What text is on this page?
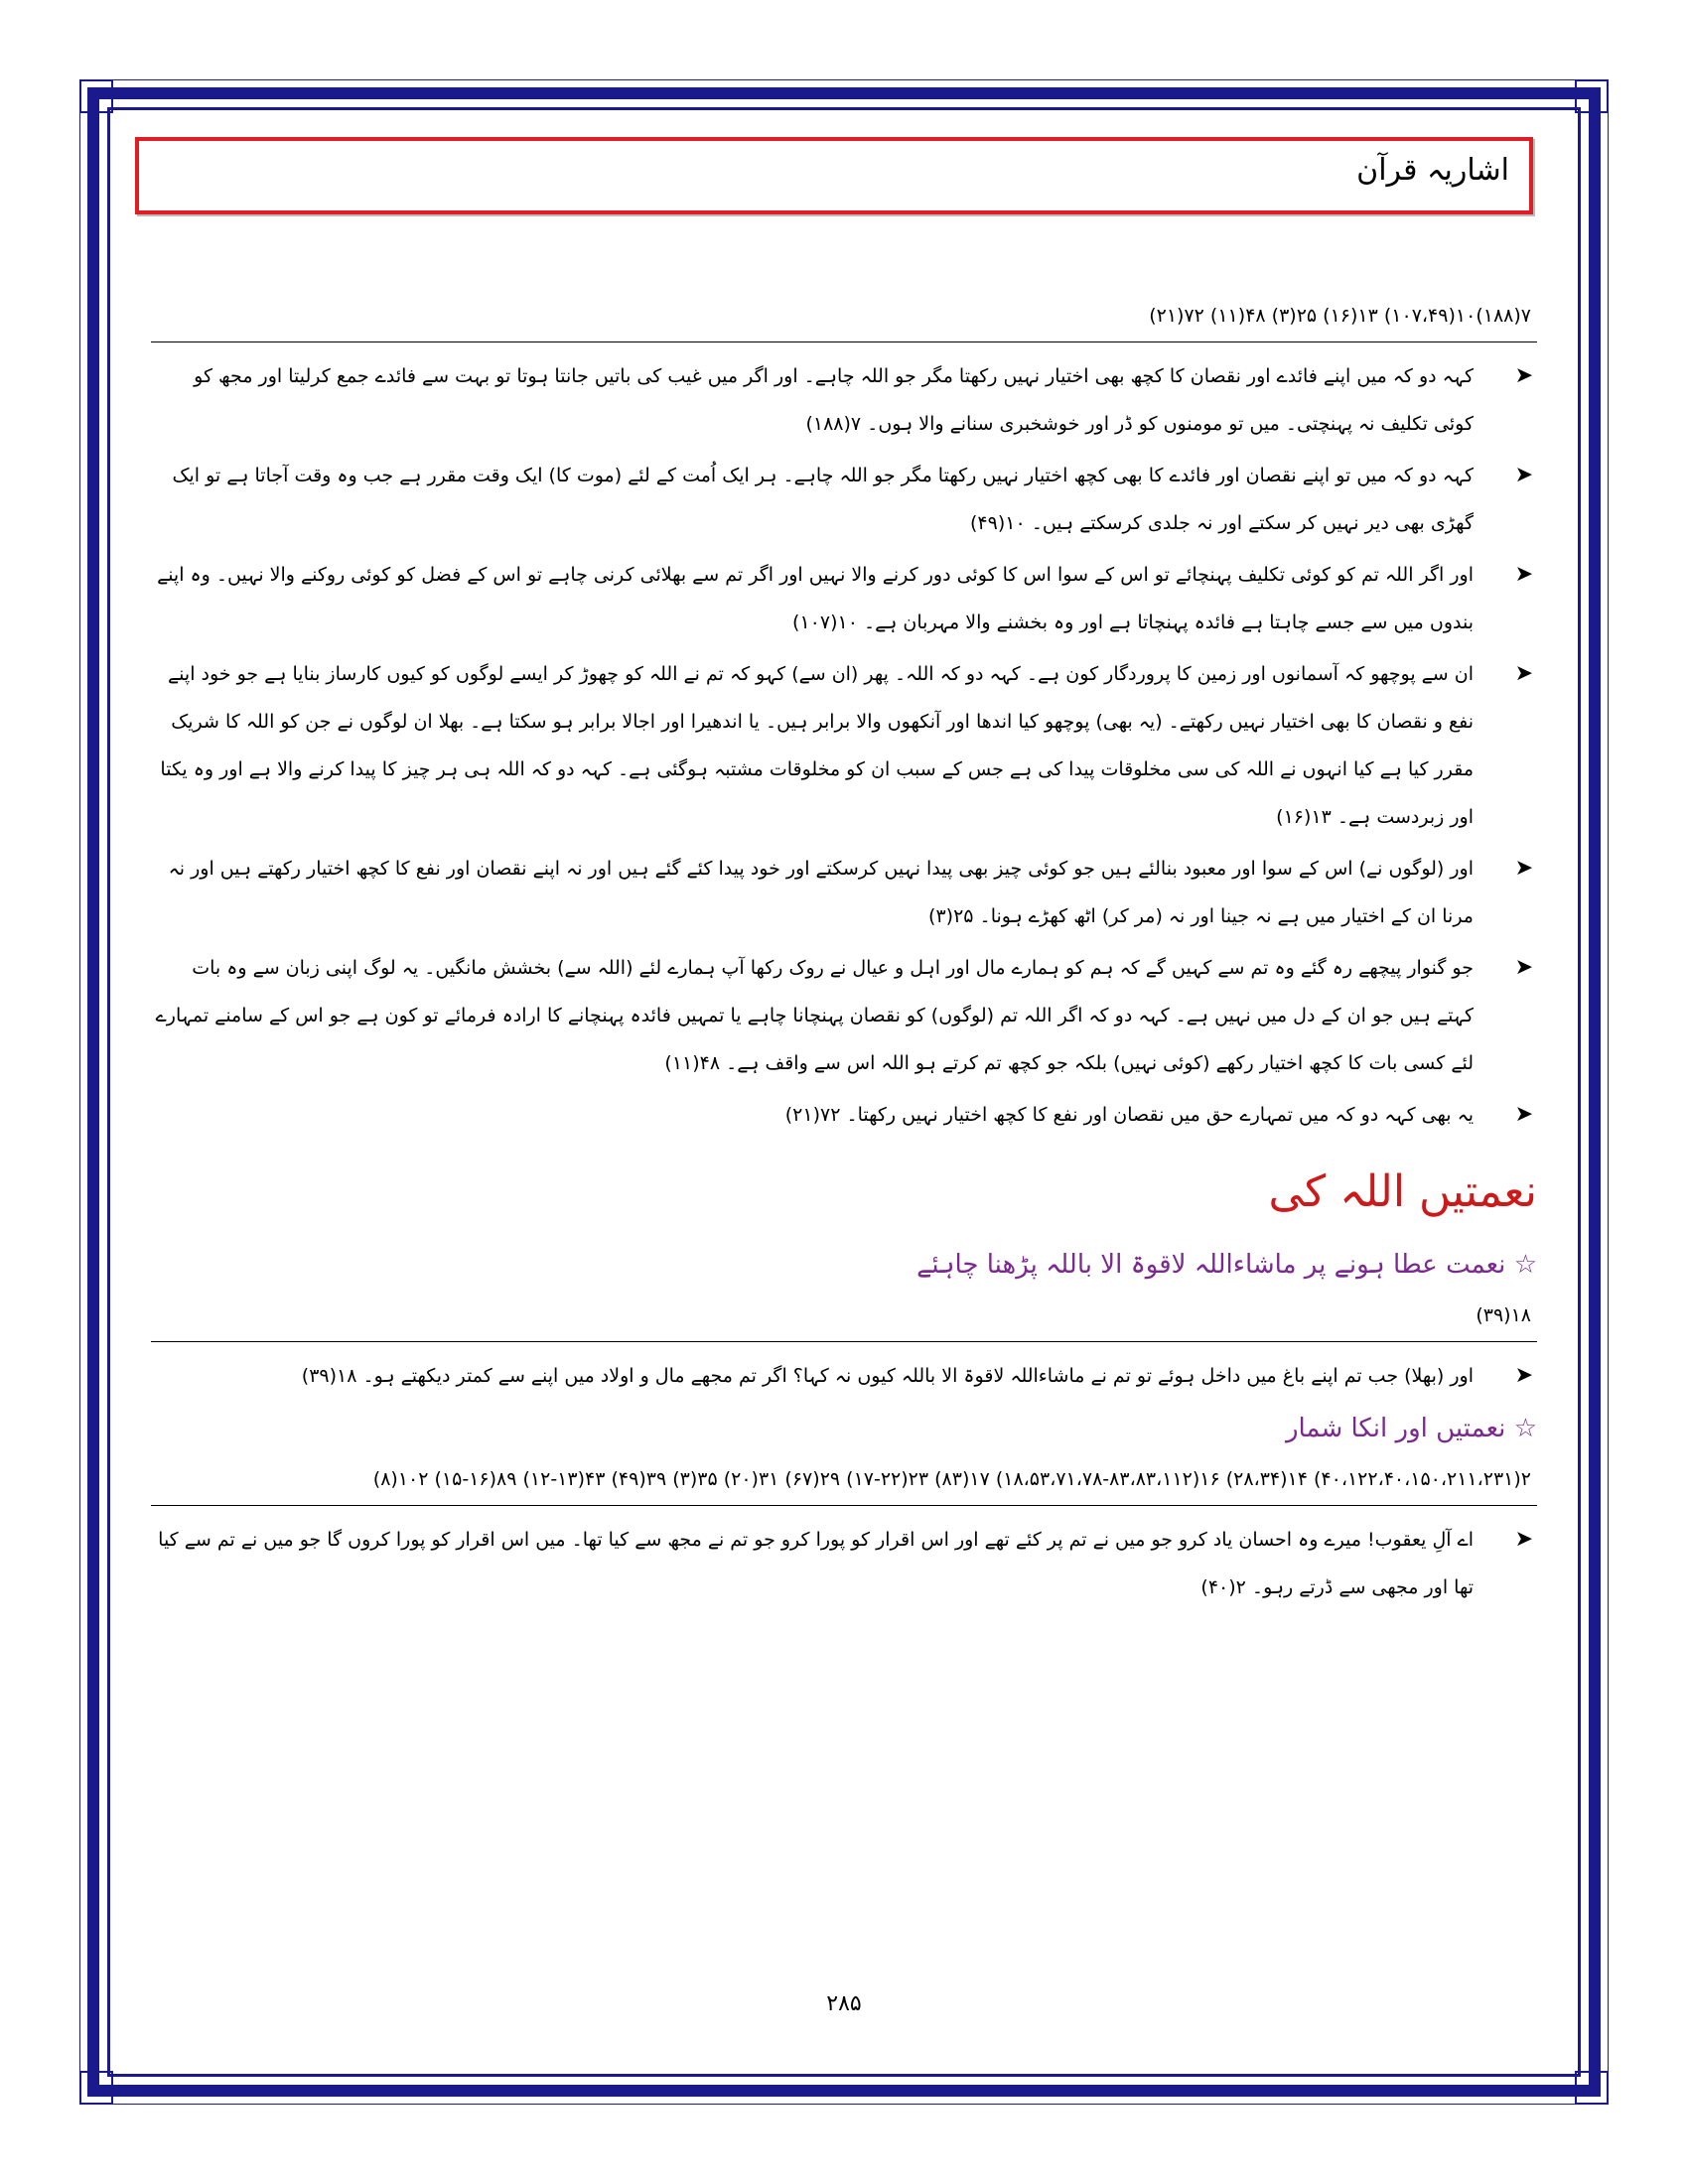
اشاریہ قرآن
۷(۱۸۸)۱۰(۱۰۷،۴۹) ۱۳(۱۶) ۲۵(۳) ۴۸(۱۱) ۷۲(۲۱)
➤
کہہ دو کہ میں اپنے فائدے اور نقصان کا کچھ بھی اختیار نہیں رکھتا مگر جو اللہ چاہے۔ اور اگر میں غیب کی باتیں جانتا ہوتا تو بہت سے فائدے جمع کرلیتا اور مجھ کو کوئی تکلیف نہ پہنچتی۔ میں تو مومنوں کو ڈر اور خوشخبری سنانے والا ہوں۔ ۷(۱۸۸)
➤
کہہ دو کہ میں تو اپنے نقصان اور فائدے کا بھی کچھ اختیار نہیں رکھتا مگر جو اللہ چاہے۔ ہر ایک اُمت کے لئے (موت کا) ایک وقت مقرر ہے جب وہ وقت آجاتا ہے تو ایک گھڑی بھی دیر نہیں کر سکتے اور نہ جلدی کرسکتے ہیں۔ ۱۰(۴۹)
➤
اور اگر اللہ تم کو کوئی تکلیف پہنچائے تو اس کے سوا اس کا کوئی دور کرنے والا نہیں اور اگر تم سے بھلائی کرنی چاہے تو اس کے فضل کو کوئی روکنے والا نہیں۔ وہ اپنے بندوں میں سے جسے چاہتا ہے فائدہ پہنچاتا ہے اور وہ بخشنے والا مہربان ہے۔ ۱۰(۱۰۷)
➤
ان سے پوچھو کہ آسمانوں اور زمین کا پروردگار کون ہے۔ کہہ دو کہ اللہ۔ پھر (ان سے) کہو کہ تم نے اللہ کو چھوڑ کر ایسے لوگوں کو کیوں کارساز بنایا ہے جو خود اپنے نفع و نقصان کا بھی اختیار نہیں رکھتے۔ (یہ بھی) پوچھو کیا اندھا اور آنکھوں والا برابر ہیں۔ یا اندھیرا اور اجالا برابر ہو سکتا ہے۔ بھلا ان لوگوں نے جن کو اللہ کا شریک مقرر کیا ہے کیا انہوں نے اللہ کی سی مخلوقات پیدا کی ہے جس کے سبب ان کو مخلوقات مشتبہ ہوگئی ہے۔ کہہ دو کہ اللہ ہی ہر چیز کا پیدا کرنے والا ہے اور وہ یکتا اور زبردست ہے۔ ۱۳(۱۶)
➤
اور (لوگوں نے) اس کے سوا اور معبود بنالئے ہیں جو کوئی چیز بھی پیدا نہیں کرسکتے اور خود پیدا کئے گئے ہیں اور نہ اپنے نقصان اور نفع کا کچھ اختیار رکھتے ہیں اور نہ مرنا ان کے اختیار میں ہے نہ جینا اور نہ (مر کر) اٹھ کھڑے ہونا۔ ۲۵(۳)
➤
جو گنوار پیچھے رہ گئے وہ تم سے کہیں گے کہ ہم کو ہمارے مال اور اہل و عیال نے روک رکھا آپ ہمارے لئے (اللہ سے) بخشش مانگیں۔ یہ لوگ اپنی زبان سے وہ بات کہتے ہیں جو ان کے دل میں نہیں ہے۔ کہہ دو کہ اگر اللہ تم (لوگوں) کو نقصان پہنچانا چاہے یا تمہیں فائدہ پہنچانے کا ارادہ فرمائے تو کون ہے جو اس کے سامنے تمہارے لئے کسی بات کا کچھ اختیار رکھے (کوئی نہیں) بلکہ جو کچھ تم کرتے ہو اللہ اس سے واقف ہے۔ ۴۸(۱۱)
➤
یہ بھی کہہ دو کہ میں تمہارے حق میں نقصان اور نفع کا کچھ اختیار نہیں رکھتا۔ ۷۲(۲۱)
نعمتیں اللہ کی
☆ نعمت عطا ہونے پر ماشاءاللہ لاقوۃ الا باللہ پڑھنا چاہئے
۱۸(۳۹)
➤
اور (بھلا) جب تم اپنے باغ میں داخل ہوئے تو تم نے ماشاءاللہ لاقوۃ الا باللہ کیوں نہ کہا؟ اگر تم مجھے مال و اولاد میں اپنے سے کمتر دیکھتے ہو۔ ۱۸(۳۹)
☆ نعمتیں اور انکا شمار
۲(۴۰،۱۲۲،۴۰،۱۵۰،۲۱۱،۲۳۱) ۱۴(۲۸،۳۴) ۱۶(۱۸،۵۳،۷۱،۷۸-۸۳،۸۳،۱۱۲) ۱۷(۸۳) ۲۳(۱۷-۲۲) ۲۹(۶۷) ۳۱(۲۰) ۳۵(۳) ۳۹(۴۹) ۴۳(۱۲-۱۳) ۸۹(۱۵-۱۶) ۱۰۲(۸)
➤
اے آلِ یعقوب! میرے وہ احسان یاد کرو جو میں نے تم پر کئے تھے اور اس اقرار کو پورا کرو جو تم نے مجھ سے کیا تھا۔ میں اس اقرار کو پورا کروں گا جو میں نے تم سے کیا تھا اور مجھی سے ڈرتے رہو۔ ۲(۴۰)
۲۸۵
